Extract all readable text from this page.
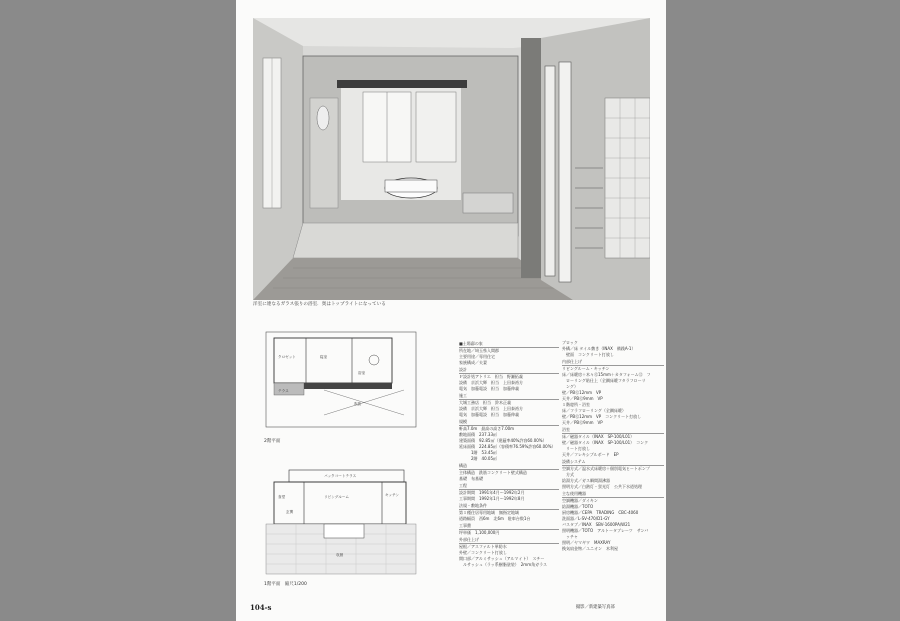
洋室に連なるガラス張りの浴室．奥はトップライトになっている
クロゼット	寝室
浴室
テラス
吹抜
2階平面
バックコートテラス
食堂
玄関
リビングルーム	キッチン
収納
1階平面　縮尺1/200
■土場邸の家
所在地／埼玉県入間郡
主要用途／専用住宅
家族構成／夫妻
設計
Ｐ設計処アトリエ　担当　野瀬拓義
設備　京浜大輝　担当　上田泰裕方
電気　加藤電設　担当　加藤伸義
施工
大城工務店　担当　鈴木正義
設備　京浜大輝　担当　上田泰裕方
電気　加藤電設　担当　加藤伸義
規模
軒高7.0m　最高の高さ7.00m
敷地面積　237.33㎡
建築面積　92.85㎡（建蔽率40%許容60.00%）
延床面積　224.85㎡（容積率76.59%許容60.00%）
　　　1階　53.45㎡
　　　2階　40.05㎡
構造
主体構造　鉄筋コンクリート壁式構造
基礎　布基礎
工程
設計期間　1991年4月〜1992年2月
工事期間　1992年1月〜1992年8月
法規・敷地条件
第１種住居専用地域　無指定地域
道路幅員　西6m　北6m　駐車台数1台
工事費
坪単価　1,100,000円
外部仕上げ
屋根／アスファルト単防水
外壁／コンクリート打放し
開口部／アルミサッシュ（アルマイト）　スチー
　ルサッシュ（ラッ系樹脂塗装）　2mm角ガラス
ブロック
外構／床 タイル敷き（INAX　備践A-1）
　壁面　コンクリート打放し
内部仕上げ
リビングルーム・キッチン
床／床暖房＋木々⑫15mm＋カタフォーム⑫　フ
　ローリング貼仕上（全鋼床暖フタラフローリ
　ング）
壁／PB⑫12mm　VP
天井／PB⑫9mm　VP
１階寝所・浴室
床／フラフローリング（全鋼床暖）
壁／PB⑫12mm　VP　コンクリート打放し
天井／PB⑫9mm　VP
浴室
床／磁器タイル（INAX　SP-100/L01）
壁／磁器タイル（INAX　SP-100/L01）　コンク
　リート打放し
天井／フレキシブルボード　EP
設備システム
空調方式／温水式床暖房＋個別電気ヒートポンプ
　方式
給湯方式／ガス瞬間湯沸器
照明方式／白熱灯・蛍光灯　公共下水道処理
主な使用機器
空調機器／ダイキン
給湯機器／TOTO
厨房機器／CEPA　TRADING　CBC-4060
洗面器／L-SV-470/D1-GY
バスタブ／INAX　SBV-1600PA/W21
照明機器／TOTO　アルトータブレーツ　サンバ
　ッチャ
照明／ヤマギワ　MAXRAY
換気扇金物／ユニオン　木利屋
104-s	撮影／新建築写真部
